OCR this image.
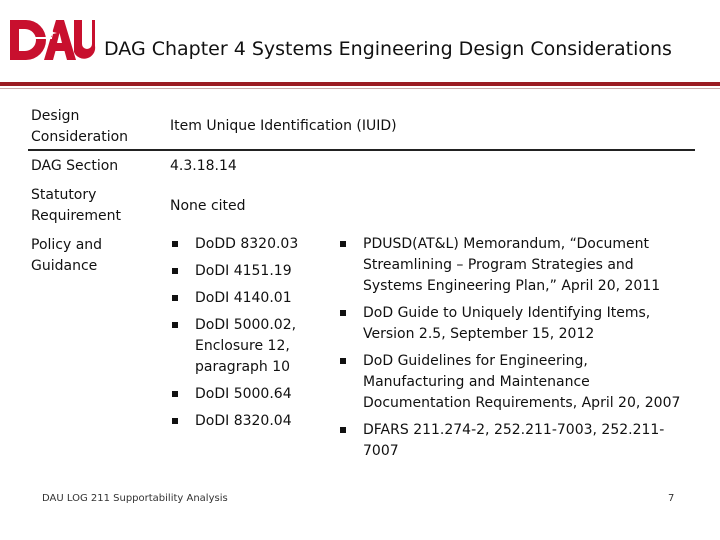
DAG Chapter 4 Systems Engineering Design Considerations
Design Consideration
Item Unique Identification (IUID)
DAG Section	4.3.18.14
Statutory Requirement
None cited
Policy and Guidance
DoDD 8320.03
DoDI 4151.19
DoDI 4140.01
DoDI 5000.02, Enclosure 12, paragraph 10
DoDI 5000.64
DoDI 8320.04
PDUSD(AT&L) Memorandum, “Document Streamlining – Program Strategies and Systems Engineering Plan,” April 20, 2011
DoD Guide to Uniquely Identifying Items, Version 2.5, September 15, 2012
DoD Guidelines for Engineering, Manufacturing and Maintenance Documentation Requirements, April 20, 2007
DFARS 211.274-2, 252.211-7003, 252.211-7007
DAU LOG 211 Supportability Analysis	7
